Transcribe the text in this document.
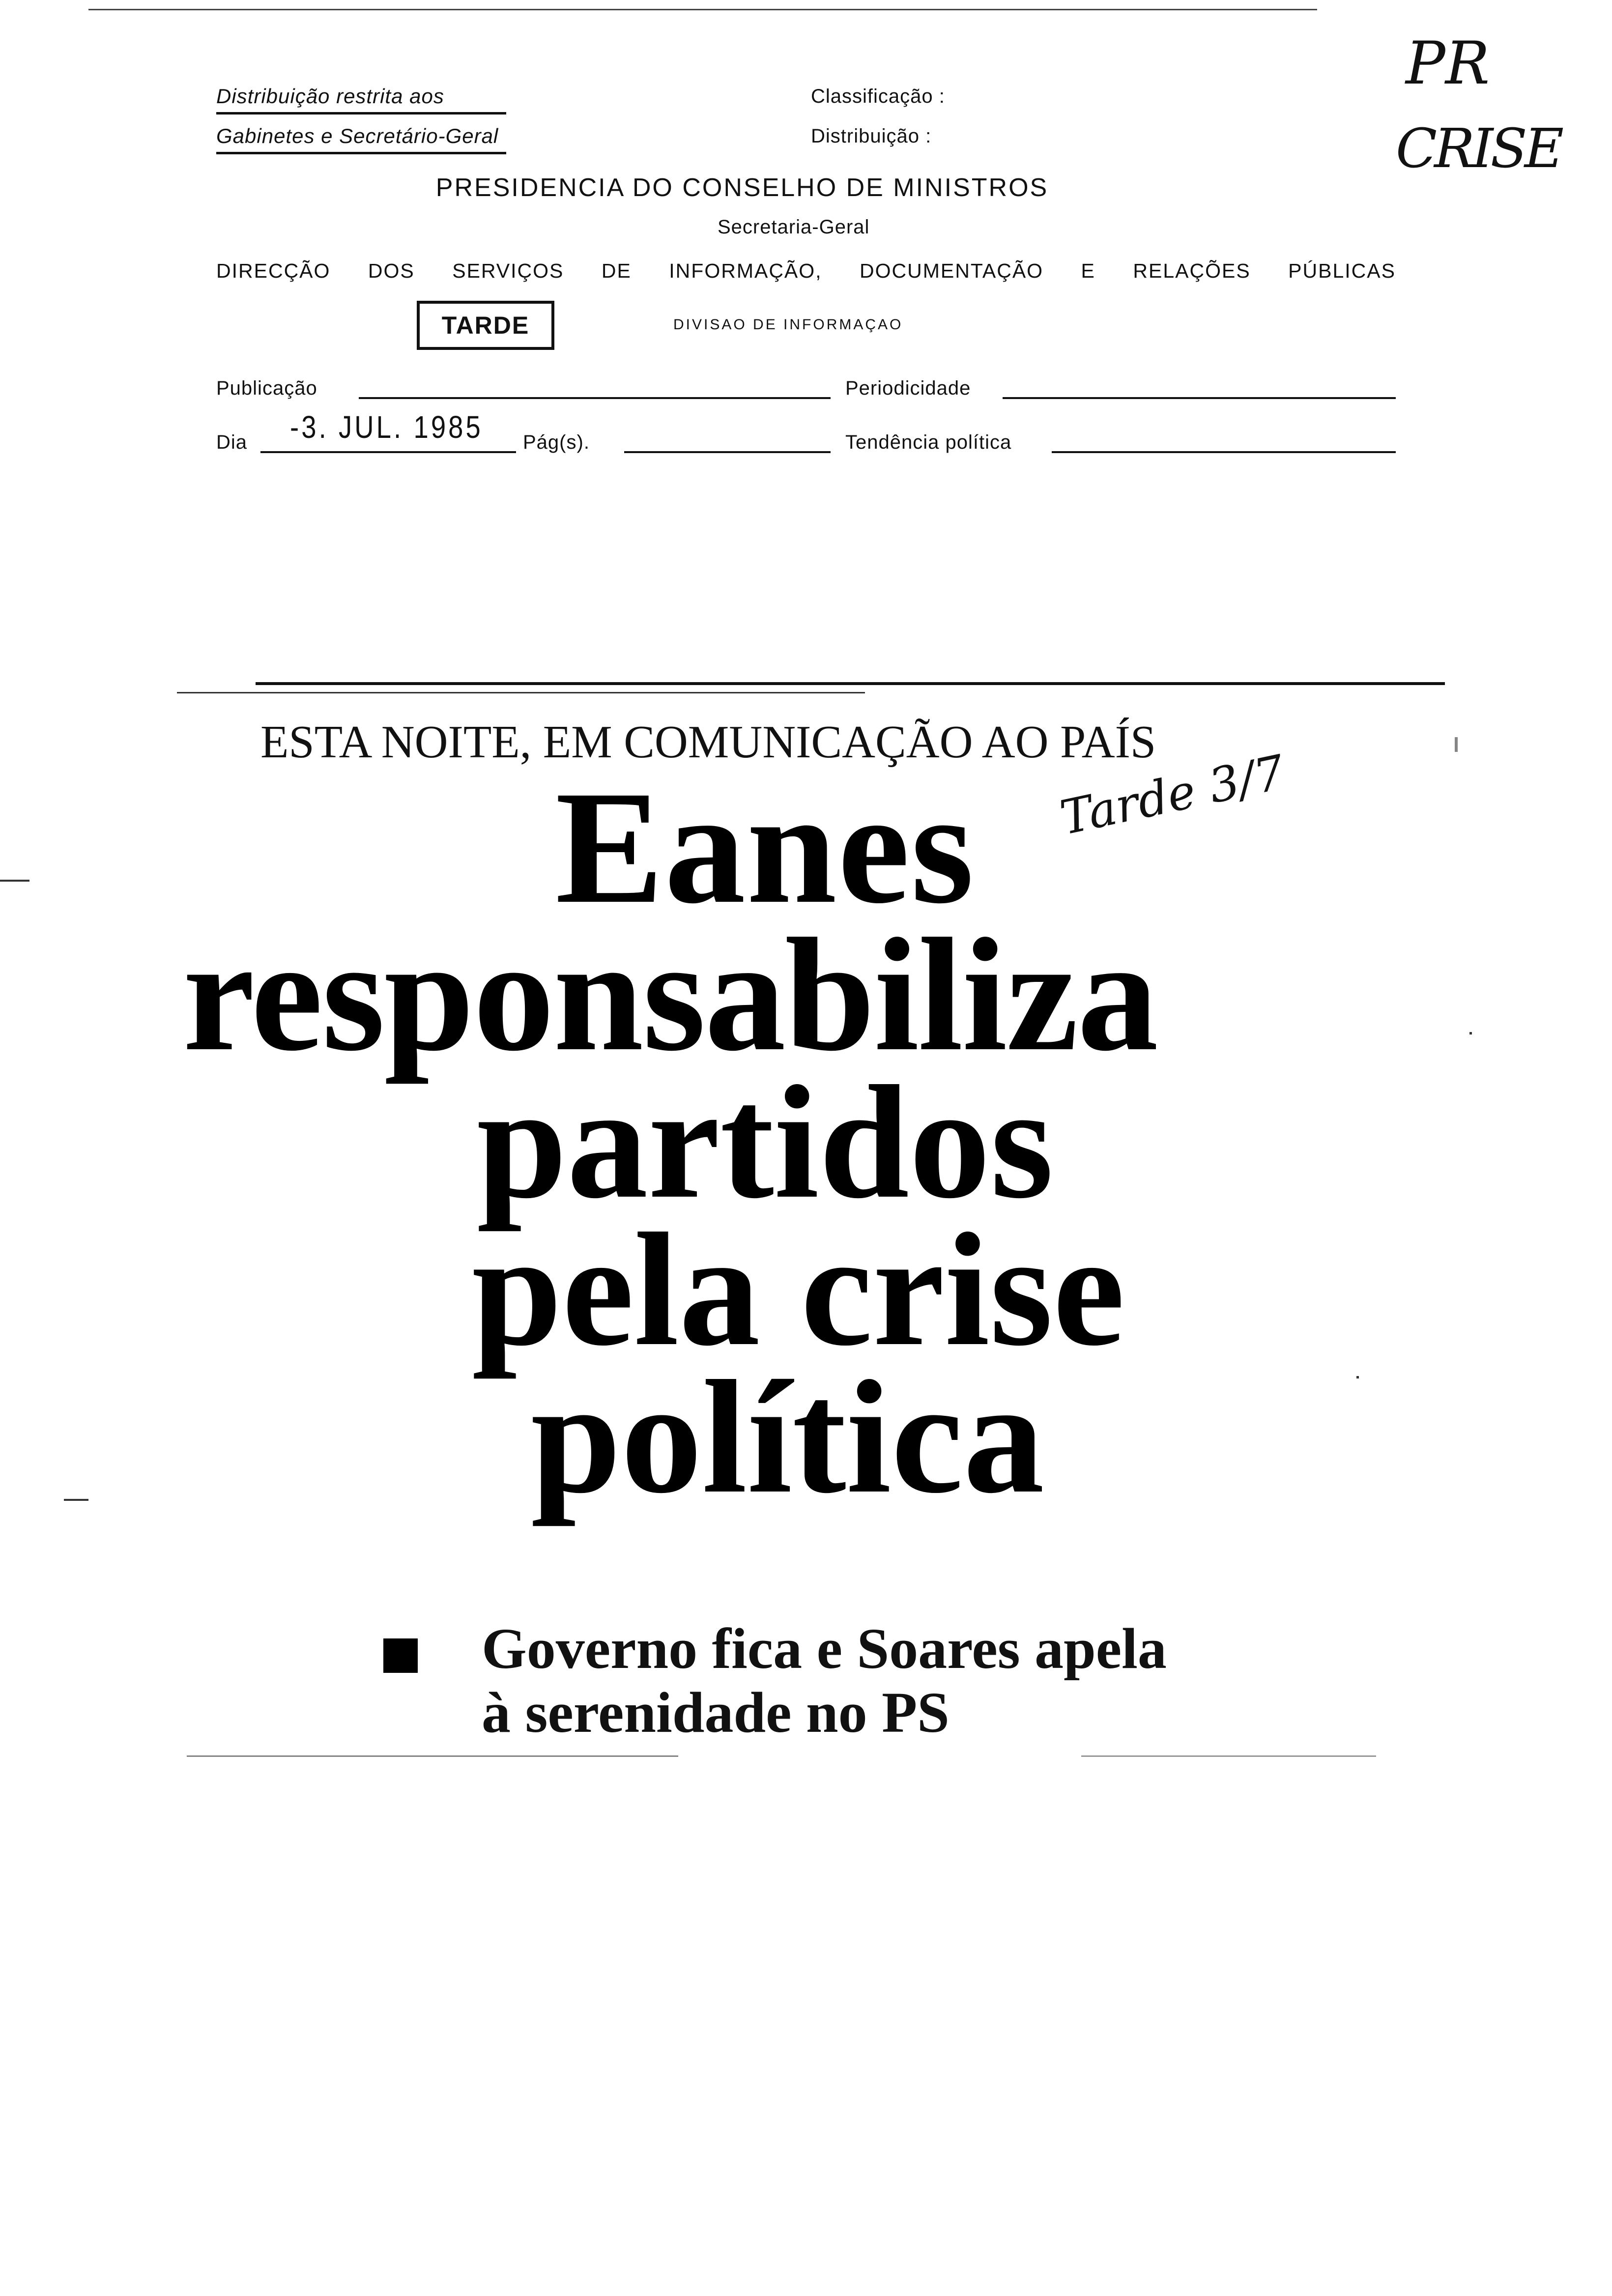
Distribuição restrita aos
Gabinetes e Secretário-Geral
Classificação :
Distribuição :
PRESIDENCIA DO CONSELHO DE MINISTROS
Secretaria-Geral
DIRECÇÃO DOS SERVIÇOS DE INFORMAÇÃO, DOCUMENTAÇÃO E RELAÇÕES PÚBLICAS
TARDE	DIVISAO DE INFORMAÇAO
Publicação	Periodicidade
Dia -3. JUL. 1985 Pág(s).	Tendência política
PR
CRISE
ESTA NOITE, EM COMUNICAÇÃO AO PAÍS
Eanes
responsabiliza
partidos
pela crise
política
Tarde 3/7
Governo fica e Soares apela
à serenidade no PS
